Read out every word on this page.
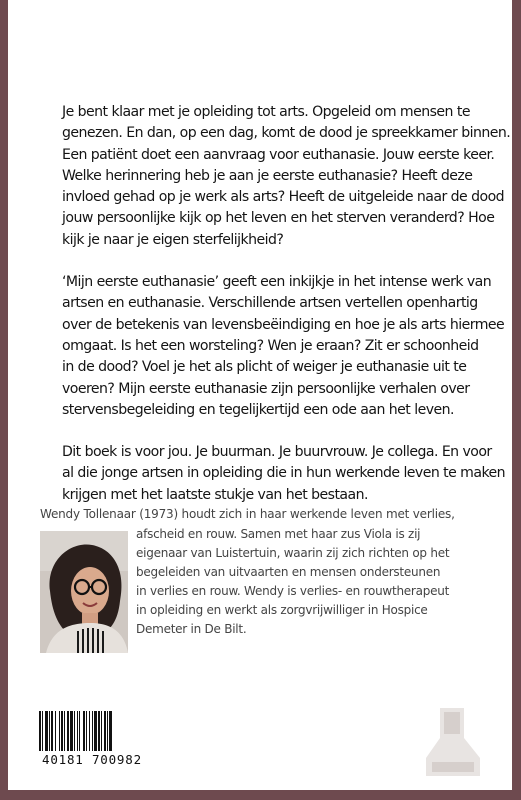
Je bent klaar met je opleiding tot arts. Opgeleid om mensen te
genezen. En dan, op een dag, komt de dood je spreekkamer binnen.
Een patiënt doet een aanvraag voor euthanasie. Jouw eerste keer.
Welke herinnering heb je aan je eerste euthanasie? Heeft deze
invloed gehad op je werk als arts? Heeft de uitgeleide naar de dood
jouw persoonlijke kijk op het leven en het sterven veranderd? Hoe
kijk je naar je eigen sterfelijkheid?

‘Mijn eerste euthanasie’ geeft een inkijkje in het intense werk van
artsen en euthanasie. Verschillende artsen vertellen openhartig
over de betekenis van levensbeëindiging en hoe je als arts hiermee
omgaat. Is het een worsteling? Wen je eraan? Zit er schoonheid
in de dood? Voel je het als plicht of weiger je euthanasie uit te
voeren? Mijn eerste euthanasie zijn persoonlijke verhalen over
stervensbegeleiding en tegelijkertijd een ode aan het leven.

Dit boek is voor jou. Je buurman. Je buurvrouw. Je collega. En voor
al die jonge artsen in opleiding die in hun werkende leven te maken
krijgen met het laatste stukje van het bestaan.

Wendy Tollenaar (1973) houdt zich in haar werkende leven met verlies,
afscheid en rouw. Samen met haar zus Viola is zij
eigenaar van Luistertuin, waarin zij zich richten op het
begeleiden van uitvaarten en mensen ondersteunen
in verlies en rouw. Wendy is verlies- en rouwtherapeut
in opleiding en werkt als zorgvrijwilliger in Hospice
Demeter in De Bilt.
40181 700982
